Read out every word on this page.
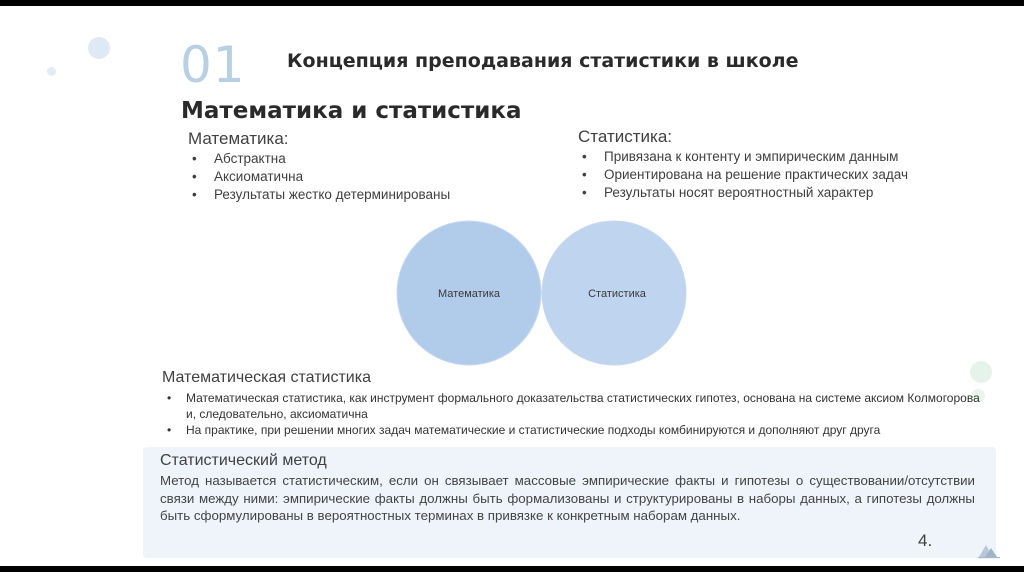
01 Концепция преподавания статистики в школе
Математика и статистика
Математика:
• Абстрактна
• Аксиоматична
• Результаты жестко детерминированы
Статистика:
• Привязана к контенту и эмпирическим данным
• Ориентирована на решение практических задач
• Результаты носят вероятностный характер
Математика	Статистика
Математическая статистика
• Математическая статистика, как инструмент формального доказательства статистических гипотез, основана на системе аксиом Колмогорова и, следовательно, аксиоматична
• На практике, при решении многих задач математические и статистические подходы комбинируются и дополняют друг друга
Статистический метод
Метод называется статистическим, если он связывает массовые эмпирические факты и гипотезы о существовании/отсутствии связи между ними: эмпирические факты должны быть формализованы и структурированы в наборы данных, а гипотезы должны быть сформулированы в вероятностных терминах в привязке к конкретным наборам данных.
4.
